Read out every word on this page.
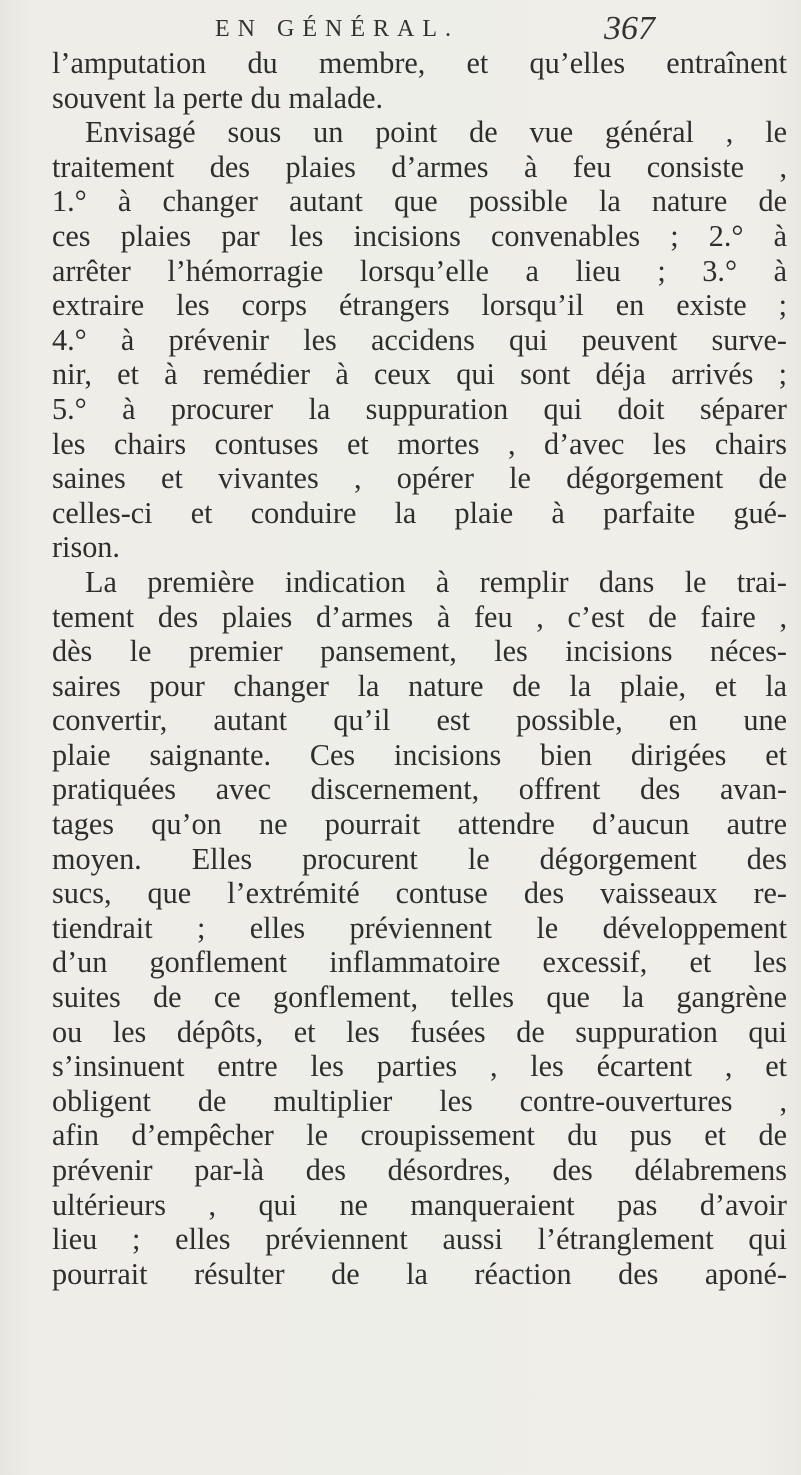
EN GÉNÉRAL.	367
l’amputation du membre, et qu’elles entraînent
souvent la perte du malade.
Envisagé sous un point de vue général , le
traitement des plaies d’armes à feu consiste ,
1.° à changer autant que possible la nature de
ces plaies par les incisions convenables ; 2.° à
arrêter l’hémorragie lorsqu’elle a lieu ; 3.° à
extraire les corps étrangers lorsqu’il en existe ;
4.° à prévenir les accidens qui peuvent surve-
nir, et à remédier à ceux qui sont déja arrivés ;
5.° à procurer la suppuration qui doit séparer
les chairs contuses et mortes , d’avec les chairs
saines et vivantes , opérer le dégorgement de
celles-ci et conduire la plaie à parfaite gué-
rison.
La première indication à remplir dans le trai-
tement des plaies d’armes à feu , c’est de faire ,
dès le premier pansement, les incisions néces-
saires pour changer la nature de la plaie, et la
convertir, autant qu’il est possible, en une
plaie saignante. Ces incisions bien dirigées et
pratiquées avec discernement, offrent des avan-
tages qu’on ne pourrait attendre d’aucun autre
moyen. Elles procurent le dégorgement des
sucs, que l’extrémité contuse des vaisseaux re-
tiendrait ; elles préviennent le développement
d’un gonflement inflammatoire excessif, et les
suites de ce gonflement, telles que la gangrène
ou les dépôts, et les fusées de suppuration qui
s’insinuent entre les parties , les écartent , et
obligent de multiplier les contre-ouvertures ,
afin d’empêcher le croupissement du pus et de
prévenir par-là des désordres, des délabremens
ultérieurs , qui ne manqueraient pas d’avoir
lieu ; elles préviennent aussi l’étranglement qui
pourrait résulter de la réaction des aponé-
